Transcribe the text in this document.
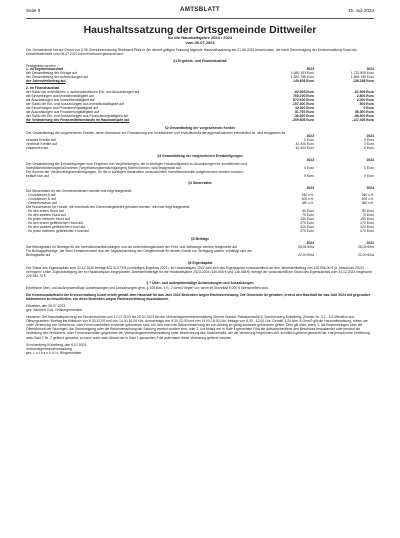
Seite 8	AMTSBLATT	15. Juli 2023
Haushaltssatzung der Ortsgemeinde Dittweiler
für die Haushaltsjahre 2023 / 2024
vom 06.07.2023
Der Gemeinderat hat auf Grund von § 95 Gemeindeordnung Rheinland-Pfalz in der derzeit gültigen Fassung folgende Haushaltssatzung am 21.06.2023 beschlossen, die nach Genehmigung der Kreisverwaltung Kusel als Aufsichtsbehörde vom 06.07.2023 hiermit bekannt gemacht wird:
§1 Ergebnis- und Finanzhaushalt
Festgesetzt werden
1. im Ergebnishaushalt	2023	2024
der Gesamtbetrag der Erträge auf	1.680.153 Euro	1.732.800 Euro
der Gesamtbetrag der Aufwendungen auf	1.820.758 Euro	1.869.158 Euro
der Jahresfehlbetrag auf	140.605 Euro	136.358 Euro

2. im Finanzhaushalt		
der Saldo der ordentlichen u. außerordentlichen Ein- und Auszahlungen auf	-62.905 Euro	-61.908 Euro
die Einzahlungen aus Investitionstätigkeit auf	765.200 Euro	2.800 Euro
die Auszahlungen aus Investitionstätigkeit auf	872.600 Euro	2.000 Euro
der Saldo der Ein- und Auszahlungen aus Investitionstätigkeit auf	-107.400 Euro	800 Euro
die Einzahlungen aus Finanzierungstätigkeit auf	42.400 Euro	0 Euro
die Auszahlungen aus Finanzierungstätigkeit auf	81.700 Euro	86.300 Euro
der Saldo der Ein- und Auszahlungen aus Finanzierungstätigkeit auf	-39.300 Euro	-86.300 Euro
die Veränderung des Finanzmittelbestands im Haushaltsjahr auf	-209.605 Euro	-147.408 Euro
§2 Gesamtbetrag der vorgesehenen Kredite
Der Gesamtbetrag der vorgesehenen Kredite, deren Aufnahme zur Finanzierung von Investitionen und Investitionsförderungsmaßnahmen erforderlich ist, wird festgesetzt für
	2023	2024
zinslose Kredite auf	0 Euro	0 Euro
verzinste Kredite auf	42.400 Euro	0 Euro
zusammen auf	42.400 Euro	0 Euro
§3 Gesamtbetrag der vorgesehenen Ermächtigungen
	2023	2024
Der Gesamtbetrag der Ermächtigungen zum Eingehen von Verpflichtungen, die in künftigen Haushaltsjahren zu Auszahlungen für Investitionen und Investitionsförderungsmaßnahmen (Verpflichtungsermächtigungen) führen können, wird festgesetzt auf	0 Euro	0 Euro
Die Summe der Verpflichtungsermächtigungen, für die in künftigen Haushalten voraussichtlich Investitionskredite aufgenommen werden müssen, beläuft sich auf	0 Euro	0 Euro
§4 Steuersätze
	2023	2024
Die Steuersätze für die Gemeindesteuern werden wie folgt festgesetzt:		
- Grundsteuer A auf	340 v.H.	340 v.H.
- Grundsteuer B auf	400 v.H.	400 v.H.
- Gewerbesteuer auf	380 v.H.	380 v.H.
Die Hundesteuer für Hunde, die innerhalb des Gemeindegebietes gehalten werden, wird wie folgt festgesetzt:		
- für den ersten Hund auf	50 Euro	50 Euro
- für den zweiten Hund auf	70 Euro	70 Euro
- für jeden weiteren Hund auf	150 Euro	150 Euro
- für den ersten gefährlichen Hund auf	270 Euro	270 Euro
- für den zweiten gefährlichen Hund auf	420 Euro	420 Euro
- für jeden weiteren gefährlichen Hund auf	570 Euro	570 Euro
§5 Beiträge
	2023	2024
Der Beitragssatz für Beiträge für die Investitionsaufwendungen und die Unterhaltungskosten der Feld- und Waldwege werden festgesetzt auf	28,06 €/ha	28,06 €/ha
Für Beitragspflichtige, die ihren Einnahmenwert aus der Jagdverpachtung der Ortsgemeinde für diesen Zweck zur Verfügung stellen, ermäßigt sich der Beitragssatz auf	22,00 €/ha	22,00 €/ha
§6 Eigenkapital
Der Stand des Eigenkapitals zum 31.12.2020 beträgt 623.413,78 € (vorläufiges Ergebnis 2021). Im Haushaltsjahr 2022 wird sich das Eigenkapital voraussichtlich um den Jahresfehlbetrag von 120.906,00 € (lt. Abschluss 2022) verringern. Unter Zugrundelegung der im Haushaltsplan eingeplanten Jahresfehlbeträge für die Haushaltsjahre 2023-2024 (140.605 € und 136.358 €) beträgt der voraussichtliche Stand des Eigenkapitals zum 31.12.2024 insgesamt 225.544,70 €.
§ 7 Über- und außerplanmäßige Aufwendungen und Auszahlungen
Erhebliche über- und außerplanmäßige Aufwendungen und Auszahlungen gem. § 100 Abs. 1 S. 2 GemO liegen vor, wenn im Einzelfall 5.000 € überschritten sind.
Die Kommunalaufsicht der Kreisverwaltung Kusel erteilt gemäß dem Haushalt für das Jahr 2024 Bedenken wegen Rechtsverletzung. Die Gemeinde ist gehalten, erneut den Haushalt für das Jahr 2024 mit gegenüber Maßnahmen zu beschließen, um diese Bedenken wegen Rechtsverletzung auszuräumen.
Dittweiler, den 06.07.2023
gez. Winfried Coß, Ortsbürgermeister
Hinweise: Der Haushaltsplan liegt zur Einsichtnahme vom 17.07.2023 bis 25.07.2023 bei der Verbandsgemeindeverwaltung Oberes Glantal, Rathausstraße 8, Schönenberg-Kübelberg, Zimmer Nr. 3.2 - 3.6 öffentlich aus. Öffnungszeiten: Montag bis Mittwoch von 8.30-12.00 und von 14.00-16.00 Uhr, donnerstags von 8.30-12.00 und von 14.00-18.00 Uhr, freitags von 8.30 - 12.00 Uhr. Gemäß § 24 Abs. 6 GemO gilt die Haushaltssatzung, sofern sie unter Verletzung von Verfahrens- oder Formvorschriften zustande gekommen sind, ein Jahr nach der Bekanntmachung als von Anfang an gültig zustande gekommen gelten. Dies gilt nicht, wenn 1. die Bestimmungen über die Öffentlichkeit der Sitzungen, die Genehmigung oder die Bekanntmachung der Satzung verletzt worden sind, oder 2. vor Ablauf der in Satz 1 genannten Frist die Aufsichtsbehörde den Beschluss beanstandet oder jemand die Verletzung der Verfahrens- oder Formvorschriften gegenüber der Verbandsgemeindeverwaltung unter Bezeichnung des Sachverhalts, der die Verletzung begründen soll, schriftlich geltend gemacht hat. Hat jemand eine Verletzung nach Satz 2 Nr. 2 geltend gemacht, so kann auch nach Ablauf der in Satz 1 genannten Frist jedermann diese Verletzung geltend machen.
Schönenberg-Kübelberg, den 6.07.2023
Verbandsgemeindeverwaltung
gez. L o t h s c h ü t z, Bürgermeister
